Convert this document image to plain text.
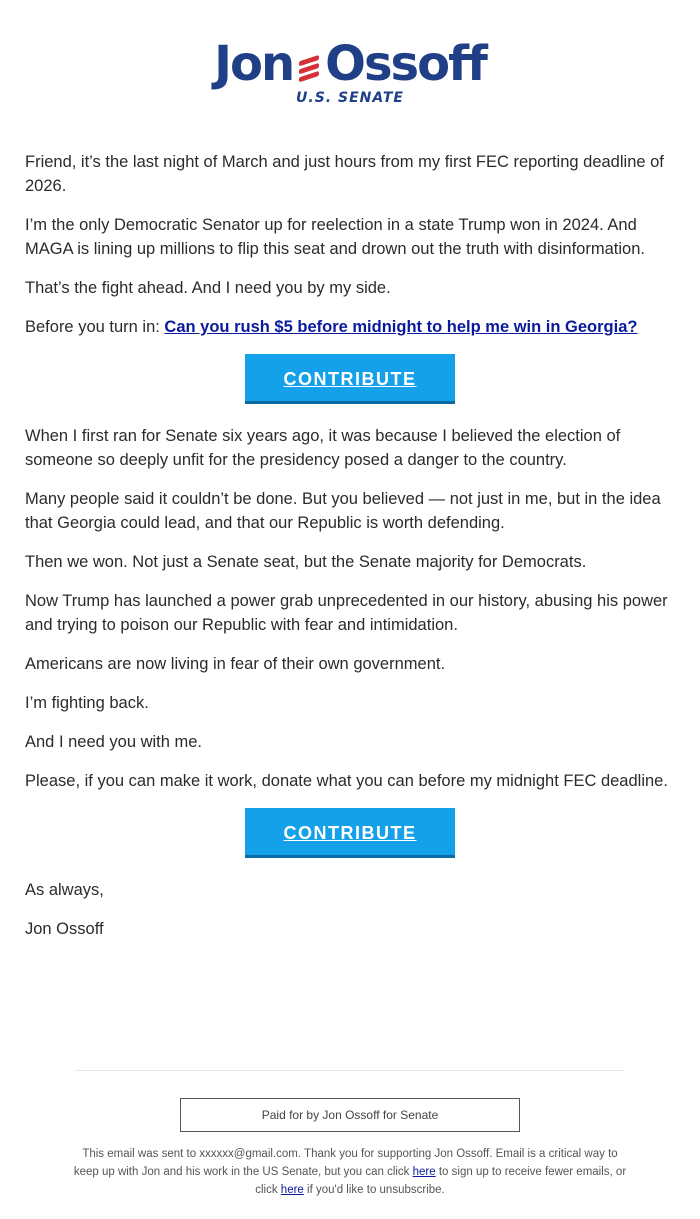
Jon Ossoff
U.S. SENATE

Friend, it’s the last night of March and just hours from my first FEC reporting deadline of 2026.

I’m the only Democratic Senator up for reelection in a state Trump won in 2024. And MAGA is lining up millions to flip this seat and drown out the truth with disinformation.

That’s the fight ahead. And I need you by my side.

Before you turn in: Can you rush $5 before midnight to help me win in Georgia?

CONTRIBUTE

When I first ran for Senate six years ago, it was because I believed the election of someone so deeply unfit for the presidency posed a danger to the country.

Many people said it couldn’t be done. But you believed — not just in me, but in the idea that Georgia could lead, and that our Republic is worth defending.

Then we won. Not just a Senate seat, but the Senate majority for Democrats.

Now Trump has launched a power grab unprecedented in our history, abusing his power and trying to poison our Republic with fear and intimidation.

Americans are now living in fear of their own government.

I’m fighting back.

And I need you with me.

Please, if you can make it work, donate what you can before my midnight FEC deadline.

CONTRIBUTE

As always,

Jon Ossoff

Paid for by Jon Ossoff for Senate
This email was sent to xxxxxx@gmail.com. Thank you for supporting Jon Ossoff. Email is a critical way to keep up with Jon and his work in the US Senate, but you can click here to sign up to receive fewer emails, or click here if you'd like to unsubscribe.
